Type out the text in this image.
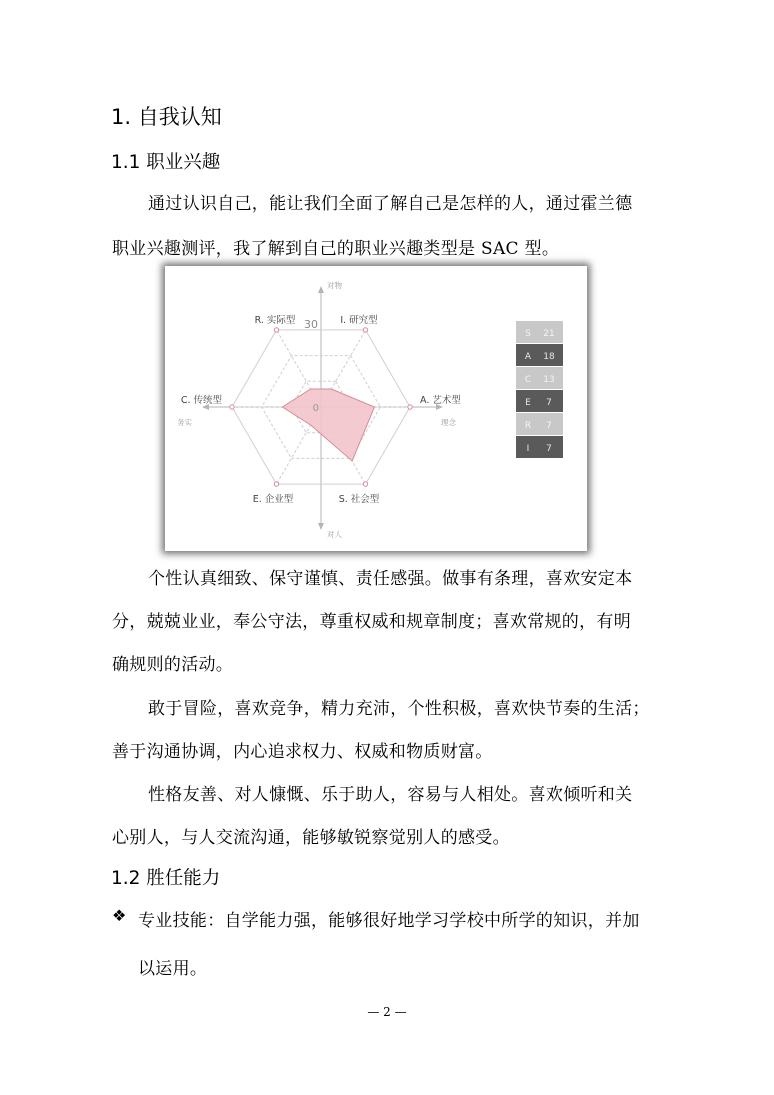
1. 自我认知
1.1 职业兴趣
通过认识自己，能让我们全面了解自己是怎样的人，通过霍兰德
职业兴趣测评，我了解到自己的职业兴趣类型是 SAC 型。
0
30 I. 研究型
A. 艺术型
S. 社会型
E. 企业型
C. 传统型
R. 实际型
对物
对人
务实	理念
S 21
A 18
C 13
E 7
R 7
I 7
个性认真细致、保守谨慎、责任感强。做事有条理，喜欢安定本
分，兢兢业业，奉公守法，尊重权威和规章制度；喜欢常规的，有明
确规则的活动。
敢于冒险，喜欢竞争，精力充沛，个性积极，喜欢快节奏的生活；
善于沟通协调，内心追求权力、权威和物质财富。
性格友善、对人慷慨、乐于助人，容易与人相处。喜欢倾听和关
心别人，与人交流沟通，能够敏锐察觉别人的感受。
1.2 胜任能力
❖ 专业技能：自学能力强，能够很好地学习学校中所学的知识，并加
以运用。
— 2 —
